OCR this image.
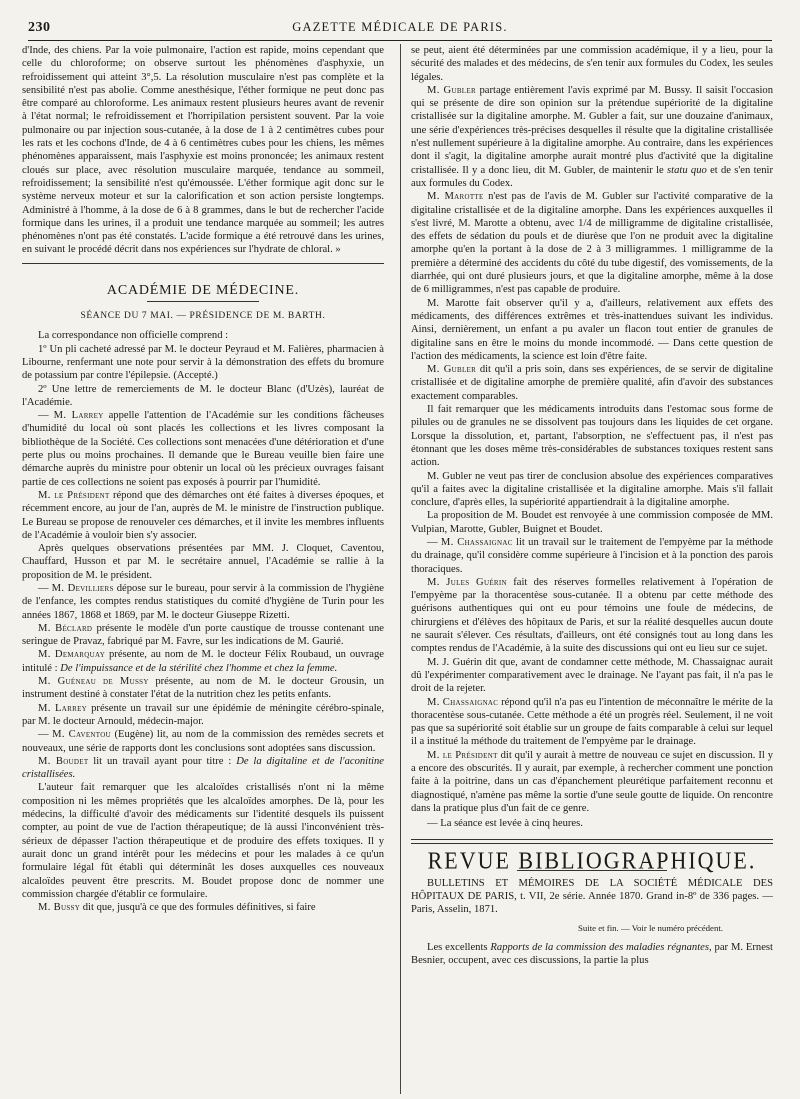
230	GAZETTE MÉDICALE DE PARIS.

d'Inde, des chiens. Par la voie pulmonaire, l'action est rapide, moins cependant que celle du chloroforme; on observe surtout les phénomènes d'asphyxie, un refroidissement qui atteint 3°,5. La résolution musculaire n'est pas complète et la sensibilité n'est pas abolie. Comme anesthésique, l'éther formique ne peut donc pas être comparé au chloroforme. Les animaux restent plusieurs heures avant de revenir à l'état normal; le refroidissement et l'horripilation persistent souvent. Par la voie pulmonaire ou par injection sous-cutanée, à la dose de 1 à 2 centimètres cubes pour les rats et les cochons d'Inde, de 4 à 6 centimètres cubes pour les chiens, les mêmes phénomènes apparaissent, mais l'asphyxie est moins prononcée; les animaux restent cloués sur place, avec résolution musculaire marquée, tendance au sommeil, refroidissement; la sensibilité n'est qu'émoussée. L'éther formique agit donc sur le système nerveux moteur et sur la calorification et son action persiste longtemps. Administré à l'homme, à la dose de 6 à 8 grammes, dans le but de rechercher l'acide formique dans les urines, il a produit une tendance marquée au sommeil; les autres phénomènes n'ont pas été constatés. L'acide formique a été retrouvé dans les urines, en suivant le procédé décrit dans nos expériences sur l'hydrate de chloral. »

ACADÉMIE DE MÉDECINE.
SÉANCE DU 7 MAI. — PRÉSIDENCE DE M. BARTH.

La correspondance non officielle comprend :

1º Un pli cacheté adressé par M. le docteur Peyraud et M. Falières, pharmacien à Libourne, renfermant une note pour servir à la démonstration des effets du bromure de potassium par contre l'épilepsie. (Accepté.)

2º Une lettre de remerciements de M. le docteur Blanc (d'Uzès), lauréat de l'Académie.

— M. Larrey appelle l'attention de l'Académie sur les conditions fâcheuses d'humidité du local où sont placés les collections et les livres composant la bibliothèque de la Société. Ces collections sont menacées d'une détérioration et d'une perte plus ou moins prochaines. Il demande que le Bureau veuille bien faire une démarche auprès du ministre pour obtenir un local où les précieux ouvrages faisant partie de ces collections ne soient pas exposés à pourrir par l'humidité.

M. le Président répond que des démarches ont été faites à diverses époques, et récemment encore, au jour de l'an, auprès de M. le ministre de l'instruction publique. Le Bureau se propose de renouveler ces démarches, et il invite les membres influents de l'Académie à vouloir bien s'y associer.

Après quelques observations présentées par MM. J. Cloquet, Caventou, Chauffard, Husson et par M. le secrétaire annuel, l'Académie se rallie à la proposition de M. le président.

— M. Devilliers dépose sur le bureau, pour servir à la commission de l'hygiène de l'enfance, les comptes rendus statistiques du comité d'hygiène de Turin pour les années 1867, 1868 et 1869, par M. le docteur Giuseppe Rizetti.

M. Béclard présente le modèle d'un porte caustique de trousse contenant une seringue de Pravaz, fabriqué par M. Favre, sur les indications de M. Gaurié.

M. Demarquay présente, au nom de M. le docteur Félix Roubaud, un ouvrage intitulé : De l'impuissance et de la stérilité chez l'homme et chez la femme.

M. Guéneau de Mussy présente, au nom de M. le docteur Grousin, un instrument destiné à constater l'état de la nutrition chez les petits enfants.

M. Larrey présente un travail sur une épidémie de méningite cérébro-spinale, par M. le docteur Arnould, médecin-major.

— M. Caventou (Eugène) lit, au nom de la commission des remèdes secrets et nouveaux, une série de rapports dont les conclusions sont adoptées sans discussion.

M. Boudet lit un travail ayant pour titre : De la digitaline et de l'aconitine cristallisées.

L'auteur fait remarquer que les alcaloïdes cristallisés n'ont ni la même composition ni les mêmes propriétés que les alcaloïdes amorphes. De là, pour les médecins, la difficulté d'avoir des médicaments sur l'identité desquels ils puissent compter, au point de vue de l'action thérapeutique; de là aussi l'inconvénient très-sérieux de dépasser l'action thérapeutique et de produire des effets toxiques. Il y aurait donc un grand intérêt pour les médecins et pour les malades à ce qu'un formulaire légal fût établi qui déterminât les doses auxquelles ces nouveaux alcaloïdes peuvent être prescrits. M. Boudet propose donc de nommer une commission chargée d'établir ce formulaire.

M. Bussy dit que, jusqu'à ce que des formules définitives, si faire

se peut, aient été déterminées par une commission académique, il y a lieu, pour la sécurité des malades et des médecins, de s'en tenir aux formules du Codex, les seules légales.

M. Gubler partage entièrement l'avis exprimé par M. Bussy. Il saisit l'occasion qui se présente de dire son opinion sur la prétendue supériorité de la digitaline cristallisée sur la digitaline amorphe. M. Gubler a fait, sur une douzaine d'animaux, une série d'expériences très-précises desquelles il résulte que la digitaline cristallisée n'est nullement supérieure à la digitaline amorphe. Au contraire, dans les expériences dont il s'agit, la digitaline amorphe aurait montré plus d'activité que la digitaline cristallisée. Il y a donc lieu, dit M. Gubler, de maintenir le statu quo et de s'en tenir aux formules du Codex.

M. Marotte n'est pas de l'avis de M. Gubler sur l'activité comparative de la digitaline cristallisée et de la digitaline amorphe. Dans les expériences auxquelles il s'est livré, M. Marotte a obtenu, avec 1/4 de milligramme de digitaline cristallisée, des effets de sédation du pouls et de diurèse que l'on ne produit avec la digitaline amorphe qu'en la portant à la dose de 2 à 3 milligrammes. 1 milligramme de la première a déterminé des accidents du côté du tube digestif, des vomissements, de la diarrhée, qui ont duré plusieurs jours, et que la digitaline amorphe, même à la dose de 6 milligrammes, n'est pas capable de produire.

M. Marotte fait observer qu'il y a, d'ailleurs, relativement aux effets des médicaments, des différences extrêmes et très-inattendues suivant les individus. Ainsi, dernièrement, un enfant a pu avaler un flacon tout entier de granules de digitaline sans en être le moins du monde incommodé. — Dans cette question de l'action des médicaments, la science est loin d'être faite.

M. Gubler dit qu'il a pris soin, dans ses expériences, de se servir de digitaline cristallisée et de digitaline amorphe de première qualité, afin d'avoir des substances exactement comparables.

Il fait remarquer que les médicaments introduits dans l'estomac sous forme de pilules ou de granules ne se dissolvent pas toujours dans les liquides de cet organe. Lorsque la dissolution, et, partant, l'absorption, ne s'effectuent pas, il n'est pas étonnant que les doses même très-considérables de substances toxiques restent sans action.

M. Gubler ne veut pas tirer de conclusion absolue des expériences comparatives qu'il a faites avec la digitaline cristallisée et la digitaline amorphe. Mais s'il fallait conclure, d'après elles, la supériorité appartiendrait à la digitaline amorphe.

La proposition de M. Boudet est renvoyée à une commission composée de MM. Vulpian, Marotte, Gubler, Buignet et Boudet.

— M. Chassaignac lit un travail sur le traitement de l'empyème par la méthode du drainage, qu'il considère comme supérieure à l'incision et à la ponction des parois thoraciques.

M. Jules Guérin fait des réserves formelles relativement à l'opération de l'empyème par la thoracentèse sous-cutanée. Il a obtenu par cette méthode des guérisons authentiques qui ont eu pour témoins une foule de médecins, de chirurgiens et d'élèves des hôpitaux de Paris, et sur la réalité desquelles aucun doute ne saurait s'élever. Ces résultats, d'ailleurs, ont été consignés tout au long dans les comptes rendus de l'Académie, à la suite des discussions qui ont eu lieu sur ce sujet.

M. J. Guérin dit que, avant de condamner cette méthode, M. Chassaignac aurait dû l'expérimenter comparativement avec le drainage. Ne l'ayant pas fait, il n'a pas le droit de la rejeter.

M. Chassaignac répond qu'il n'a pas eu l'intention de méconnaître le mérite de la thoracentèse sous-cutanée. Cette méthode a été un progrès réel. Seulement, il ne voit pas que sa supériorité soit établie sur un groupe de faits comparable à celui sur lequel il a institué la méthode du traitement de l'empyème par le drainage.

M. le Président dit qu'il y aurait à mettre de nouveau ce sujet en discussion. Il y a encore des obscurités. Il y aurait, par exemple, à rechercher comment une ponction faite à la poitrine, dans un cas d'épanchement pleurétique parfaitement reconnu et diagnostiqué, n'amène pas même la sortie d'une seule goutte de liquide. On rencontre dans la pratique plus d'un fait de ce genre.

— La séance est levée à cinq heures.

REVUE BIBLIOGRAPHIQUE.

BULLETINS ET MÉMOIRES DE LA SOCIÉTÉ MÉDICALE DES HÔPITAUX DE PARIS, t. VII, 2e série. Année 1870. Grand in-8º de 336 pages. — Paris, Asselin, 1871.

Suite et fin. — Voir le numéro précédent.

Les excellents Rapports de la commission des maladies régnantes, par M. Ernest Besnier, occupent, avec ces discussions, la partie la plus
